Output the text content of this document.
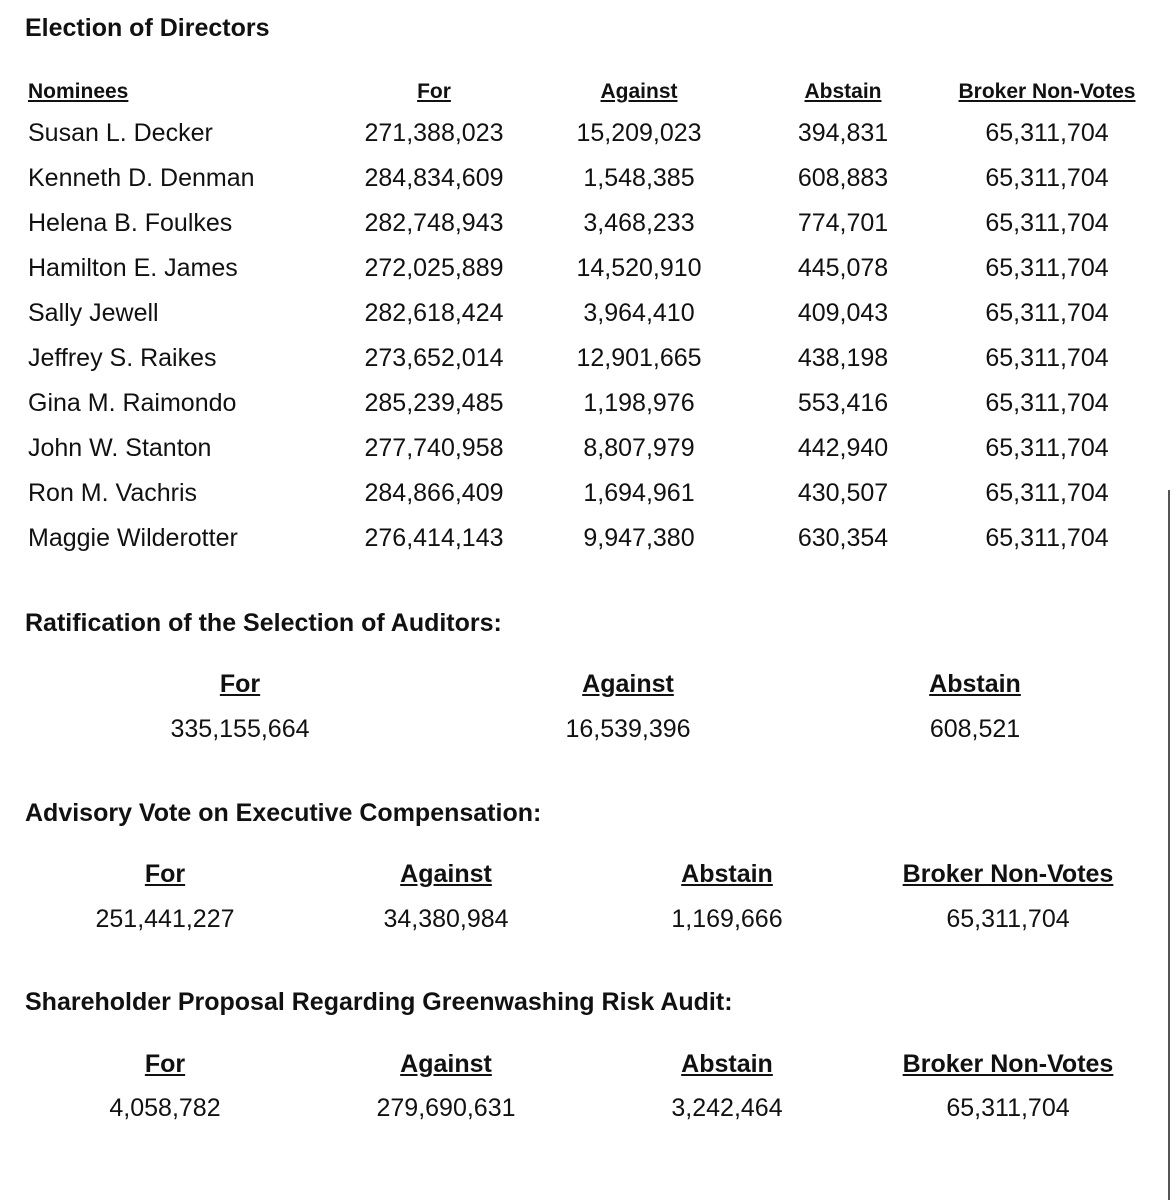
Election of Directors
Nominees	For	Against	Abstain	Broker Non-Votes
Susan L. Decker	271,388,023	15,209,023	394,831	65,311,704
Kenneth D. Denman	284,834,609	1,548,385	608,883	65,311,704
Helena B. Foulkes	282,748,943	3,468,233	774,701	65,311,704
Hamilton E. James	272,025,889	14,520,910	445,078	65,311,704
Sally Jewell	282,618,424	3,964,410	409,043	65,311,704
Jeffrey S. Raikes	273,652,014	12,901,665	438,198	65,311,704
Gina M. Raimondo	285,239,485	1,198,976	553,416	65,311,704
John W. Stanton	277,740,958	8,807,979	442,940	65,311,704
Ron M. Vachris	284,866,409	1,694,961	430,507	65,311,704
Maggie Wilderotter	276,414,143	9,947,380	630,354	65,311,704
Ratification of the Selection of Auditors:
For	Against	Abstain
335,155,664	16,539,396	608,521
Advisory Vote on Executive Compensation:
For	Against	Abstain	Broker Non-Votes
251,441,227	34,380,984	1,169,666	65,311,704
Shareholder Proposal Regarding Greenwashing Risk Audit:
For	Against	Abstain	Broker Non-Votes
4,058,782	279,690,631	3,242,464	65,311,704
